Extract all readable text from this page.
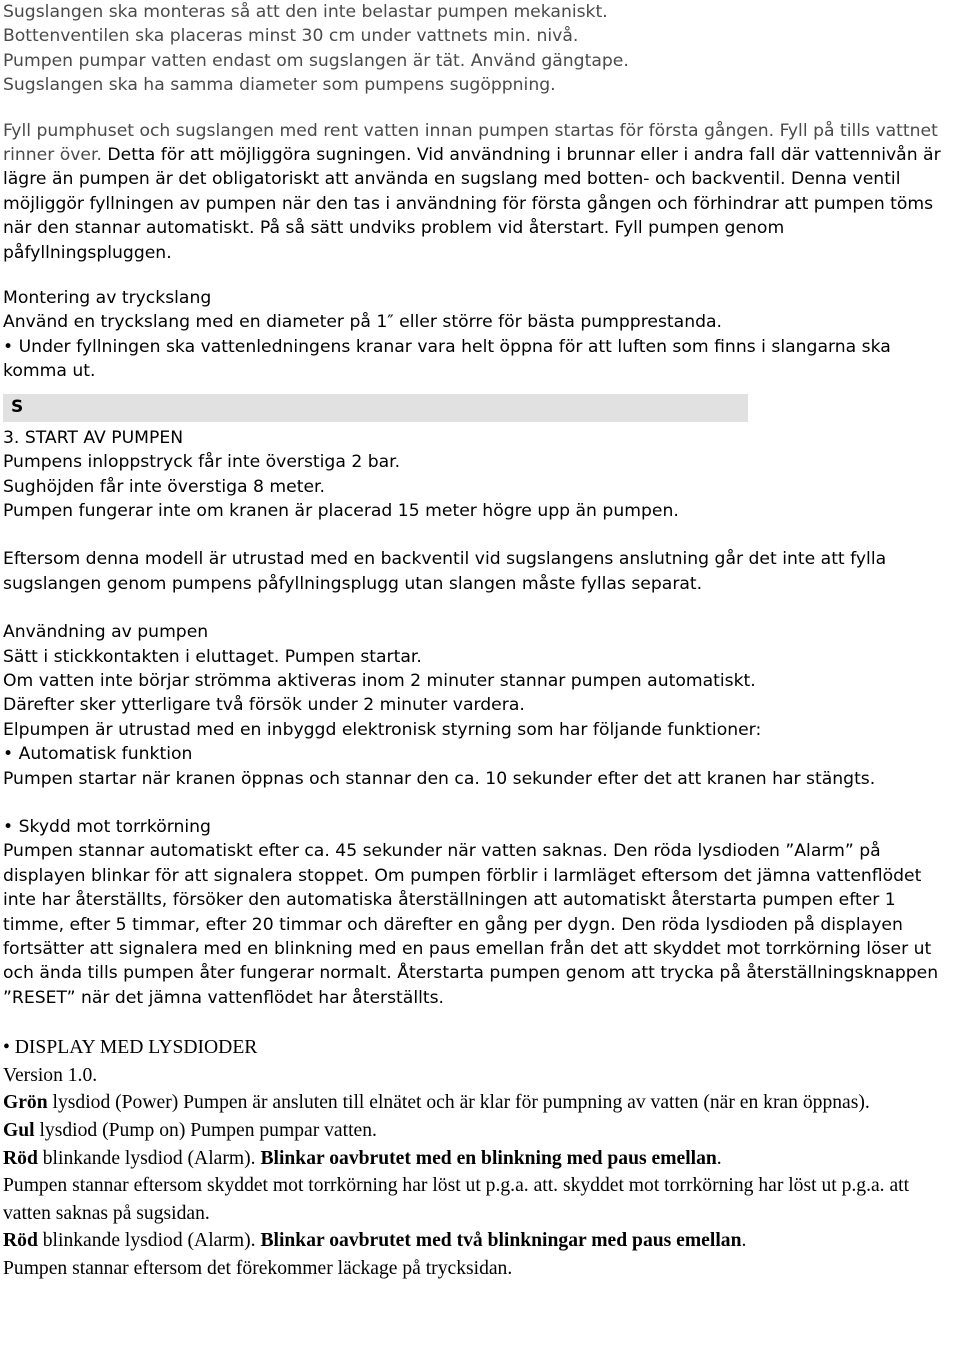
Sugslangen ska monteras så att den inte belastar pumpen mekaniskt.

Bottenventilen ska placeras minst 30 cm under vattnets min. nivå.

Pumpen pumpar vatten endast om sugslangen är tät. Använd gängtape.

Sugslangen ska ha samma diameter som pumpens sugöppning.

Fyll pumphuset och sugslangen med rent vatten innan pumpen startas för första gången. Fyll på tills vattnet rinner över. Detta för att möjliggöra sugningen. Vid användning i brunnar eller i andra fall där vattennivån är lägre än pumpen är det obligatoriskt att använda en sugslang med botten- och backventil. Denna ventil möjliggör fyllningen av pumpen när den tas i användning för första gången och förhindrar att pumpen töms när den stannar automatiskt. På så sätt undviks problem vid återstart. Fyll pumpen genom påfyllningspluggen.

Montering av tryckslang

Använd en tryckslang med en diameter på 1″ eller större för bästa pumpprestanda.

• Under fyllningen ska vattenledningens kranar vara helt öppna för att luften som finns i slangarna ska  komma ut.

S

3. START AV PUMPEN

Pumpens inloppstryck får inte överstiga 2 bar.

Sughöjden får inte överstiga 8 meter.

Pumpen fungerar inte om kranen är placerad 15 meter högre upp än pumpen.

Eftersom denna modell är utrustad med en backventil vid sugslangens anslutning går det inte att fylla sugslangen genom pumpens påfyllningsplugg utan slangen måste fyllas separat.

Användning av pumpen

Sätt i stickkontakten i eluttaget. Pumpen startar.

Om vatten inte börjar strömma aktiveras inom 2 minuter stannar pumpen automatiskt.

Därefter sker ytterligare två försök under 2 minuter vardera.

Elpumpen är utrustad med en inbyggd elektronisk styrning som har följande funktioner:

• Automatisk funktion

Pumpen startar när kranen öppnas och stannar den ca. 10 sekunder efter det att kranen har stängts.

• Skydd mot torrkörning

Pumpen stannar automatiskt efter ca. 45 sekunder när vatten saknas. Den röda lysdioden ”Alarm” på displayen blinkar för att signalera stoppet. Om pumpen förblir i larmläget eftersom det jämna vattenflödet inte har återställts, försöker den automatiska återställningen att automatiskt återstarta pumpen efter 1 timme, efter 5 timmar, efter 20 timmar och därefter en gång per dygn. Den röda lysdioden på displayen fortsätter att signalera med en blinkning med en paus emellan från det att skyddet mot torrkörning löser ut och ända tills pumpen åter fungerar normalt. Återstarta pumpen genom att trycka på återställningsknappen ”RESET” när det jämna vattenflödet har återställts.

• DISPLAY MED LYSDIODER

Version 1.0.

Grön lysdiod (Power) Pumpen är ansluten till elnätet och är klar för pumpning av vatten (när en kran öppnas).

Gul lysdiod (Pump on) Pumpen pumpar vatten.

Röd blinkande lysdiod (Alarm). Blinkar oavbrutet med en blinkning med paus emellan.

Pumpen stannar eftersom skyddet mot torrkörning har löst ut p.g.a. att. skyddet mot torrkörning har löst ut p.g.a. att vatten saknas på sugsidan.

Röd blinkande lysdiod (Alarm). Blinkar oavbrutet med två blinkningar med paus emellan.

Pumpen stannar eftersom det förekommer läckage på trycksidan.
